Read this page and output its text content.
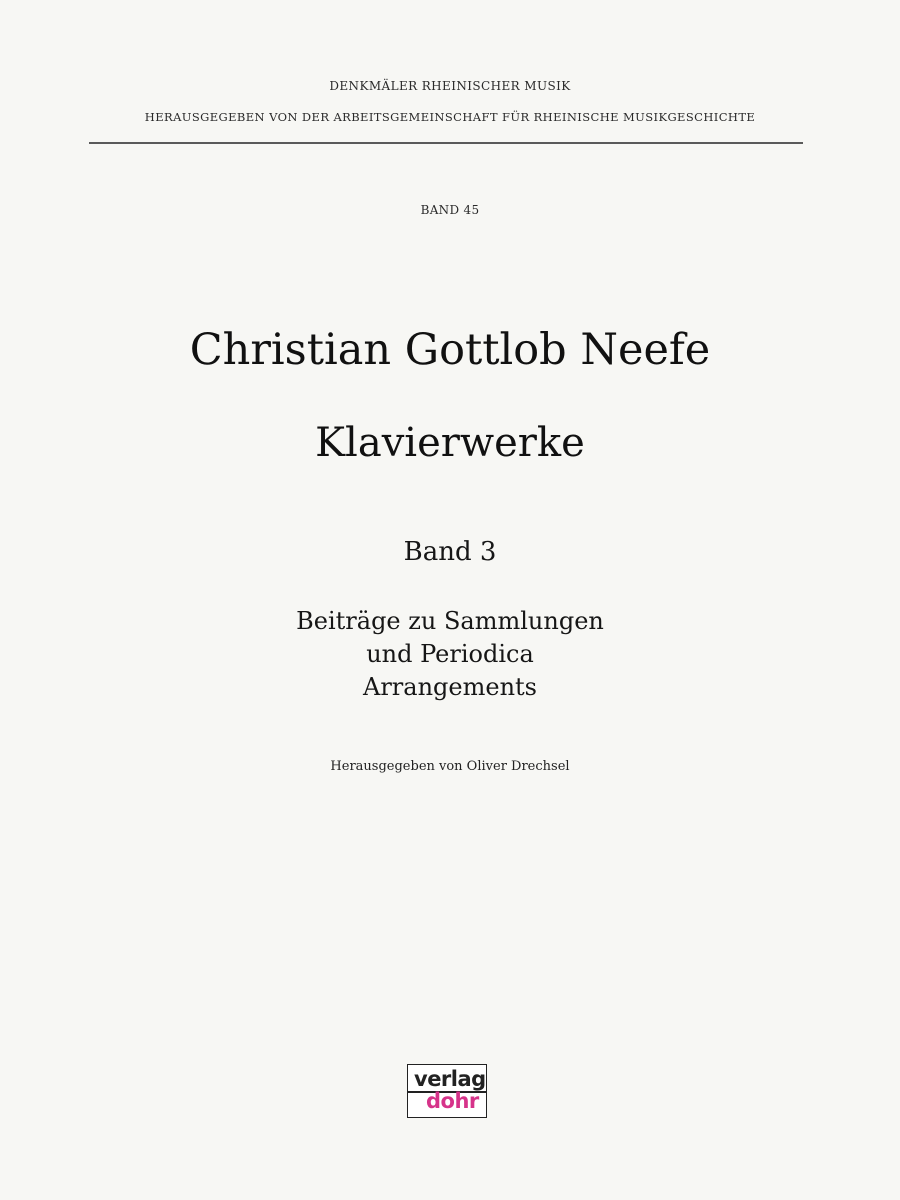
DENKMÄLER RHEINISCHER MUSIK
HERAUSGEGEBEN VON DER ARBEITSGEMEINSCHAFT FÜR RHEINISCHE MUSIKGESCHICHTE
BAND 45
Christian Gottlob Neefe
Klavierwerke
Band 3
Beiträge zu Sammlungen
und Periodica
Arrangements
Herausgegeben von Oliver Drechsel
verlag
dohr
